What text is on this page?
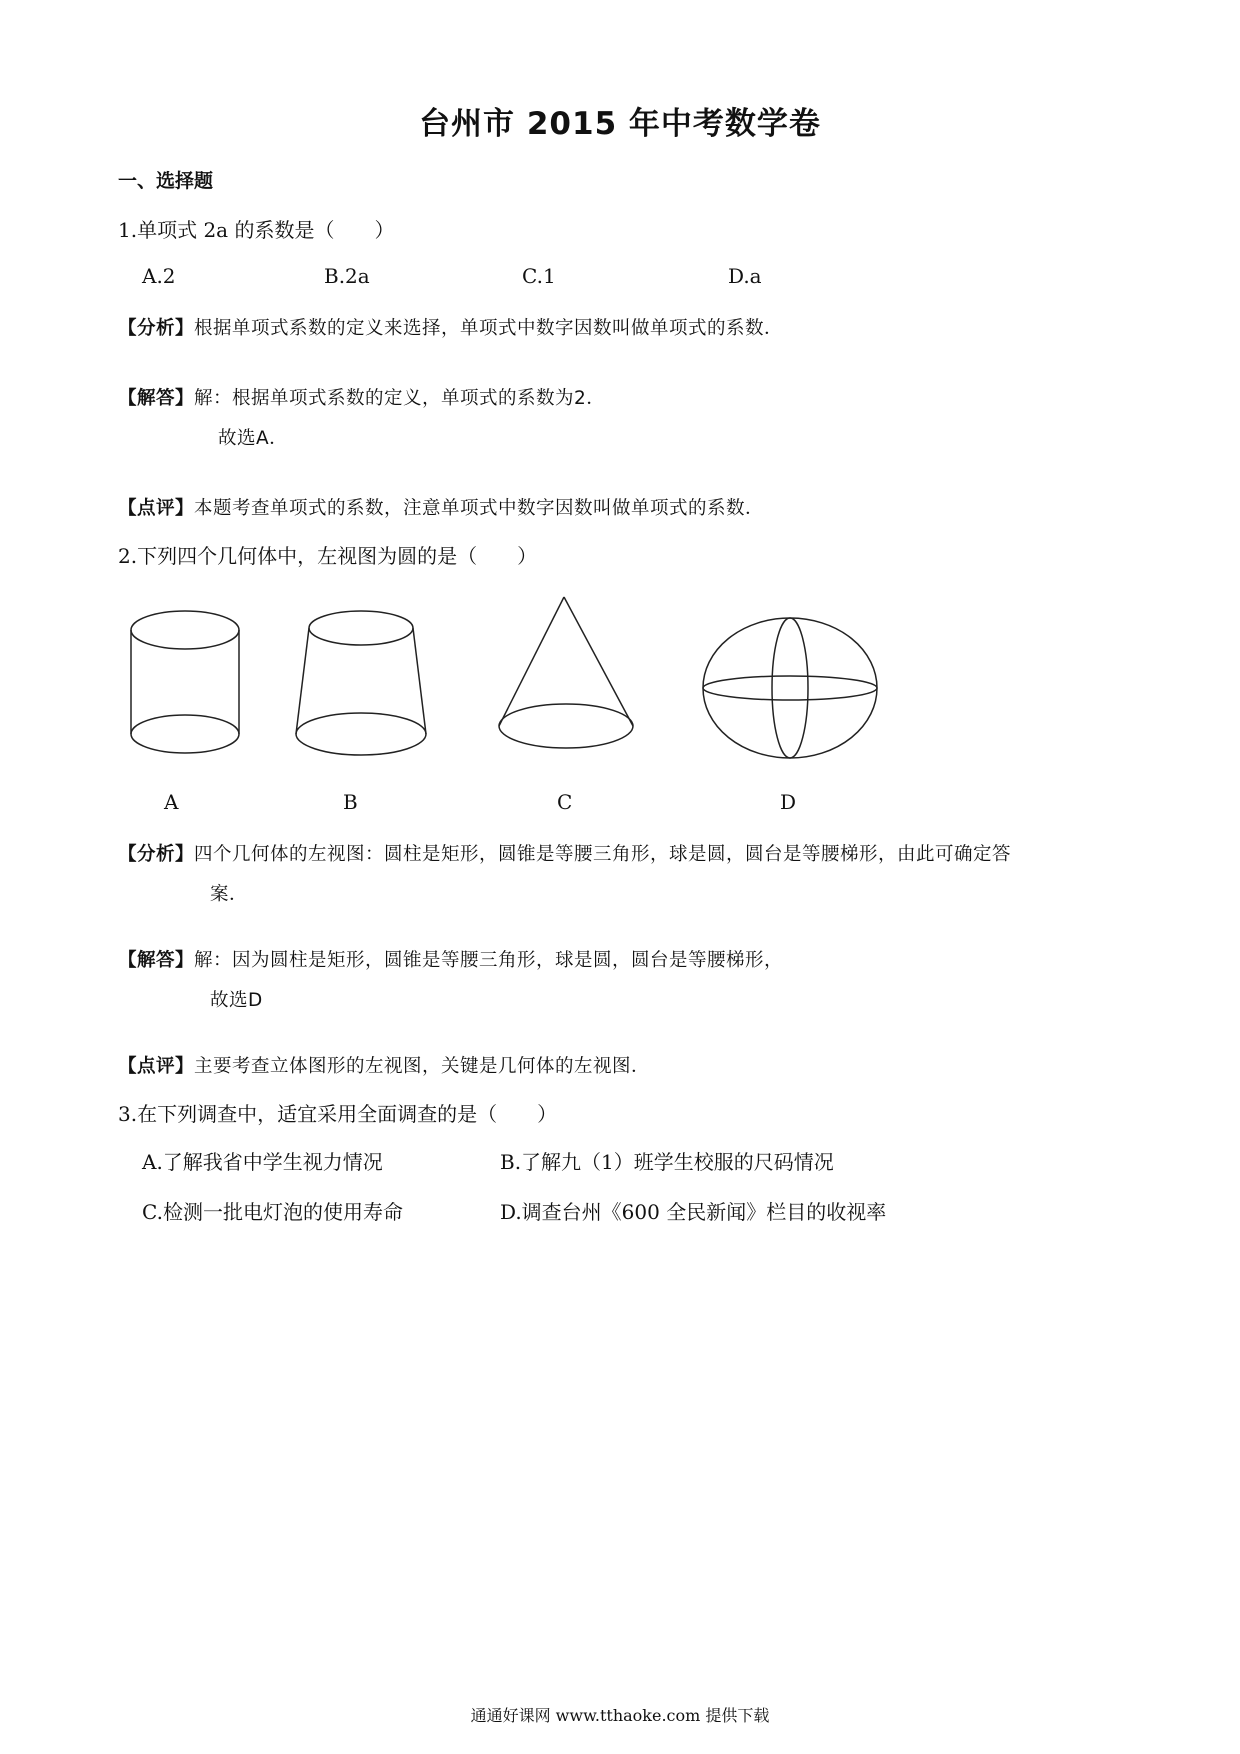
台州市 2015 年中考数学卷
一、选择题
1.单项式 2a 的系数是（　　）
A.2	B.2a	C.1	D.a
【分析】根据单项式系数的定义来选择，单项式中数字因数叫做单项式的系数．
【解答】解：根据单项式系数的定义，单项式的系数为2．
故选A．
【点评】本题考查单项式的系数，注意单项式中数字因数叫做单项式的系数．
2.下列四个几何体中，左视图为圆的是（　　）
A	B	C	D
【分析】四个几何体的左视图：圆柱是矩形，圆锥是等腰三角形，球是圆，圆台是等腰梯形，由此可确定答
案．
【解答】解：因为圆柱是矩形，圆锥是等腰三角形，球是圆，圆台是等腰梯形，
故选D
【点评】主要考查立体图形的左视图，关键是几何体的左视图．
3.在下列调查中，适宜采用全面调查的是（　　）
A.了解我省中学生视力情况	B.了解九（1）班学生校服的尺码情况
C.检测一批电灯泡的使用寿命	D.调查台州《600 全民新闻》栏目的收视率
通通好课网 www.tthaoke.com 提供下载
